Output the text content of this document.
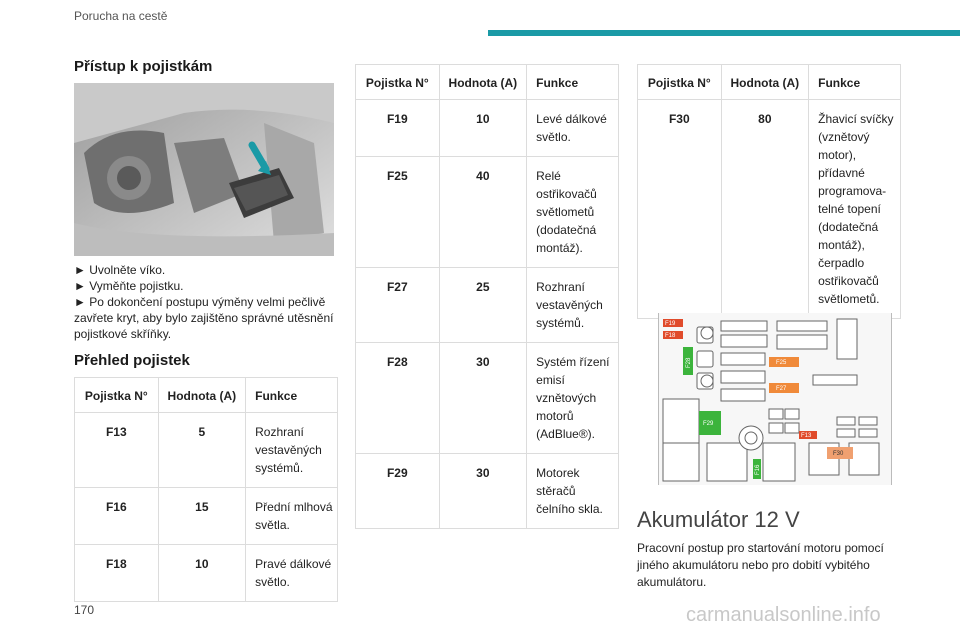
Porucha na cestě
Přístup k pojistkám

► Uvolněte víko.

► Vyměňte pojistku.

► Po dokončení postupu výměny velmi pečlivě zavřete kryt, aby bylo zajištěno správné utěsnění pojistkové skříňky.

Přehled pojistek
Pojistka N°	Hodnota (A)	Funkce
F13	5	Rozhraní vestavěných systémů.
F16	15	Přední mlhová světla.
F18	10	Pravé dálkové světlo.
Pojistka N°	Hodnota (A)	Funkce
F19	10	Levé dálkové světlo.
F25	40	Relé ostřikovačů světlometů (dodatečná montáž).
F27	25	Rozhraní vestavěných systémů.
F28	30	Systém řízení emisí vznětových motorů (AdBlue®).
F29	30	Motorek stěračů čelního skla.
Pojistka N°	Hodnota (A)	Funkce
F30	80	Žhavicí svíčky (vznětový motor), přídavné programova-telné topení (dodatečná montáž), čerpadlo ostřikovačů světlometů.
F19
F18
F28	F25
F27
F29
F13
F30
F16
Akumulátor 12 V
Pracovní postup pro startování motoru pomocí jiného akumulátoru nebo pro dobití vybitého akumulátoru.
170	carmanualsonline.info
